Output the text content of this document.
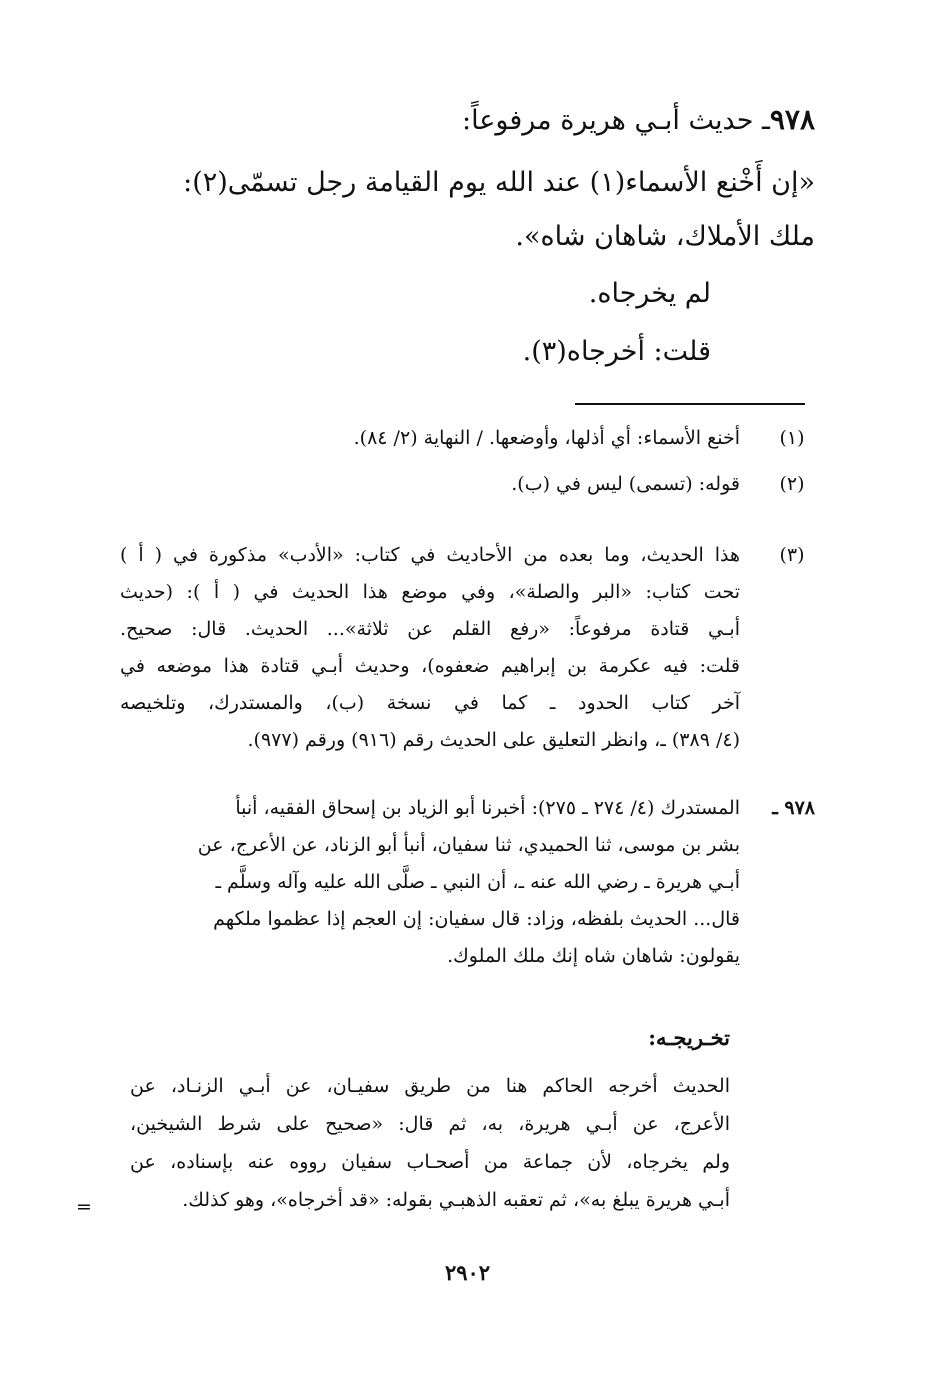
٩٧٨ـ حديث أبـي هريرة مرفوعاً:
«إن أَخْنع الأسماء(١) عند الله يوم القيامة رجل تسمّى(٢):
ملك الأملاك، شاهان شاه».
لم يخرجاه.
قلت: أخرجاه(٣).
(١)
أخنع الأسماء: أي أذلها، وأوضعها. / النهاية (٢/ ٨٤).
(٢)
قوله: (تسمى) ليس في (ب).
(٣)
هذا الحديث، وما بعده من الأحاديث في كتاب: «الأدب» مذكورة في ( أ )
تحت كتاب: «البر والصلة»، وفي موضع هذا الحديث في ( أ ): (حديث
أبـي قتادة مرفوعاً: «رفع القلم عن ثلاثة»... الحديث. قال: صحيح.
قلت: فيه عكرمة بن إبراهيم ضعفوه)، وحديث أبـي قتادة هذا موضعه في
آخر كتاب الحدود ـ كما في نسخة (ب)، والمستدرك، وتلخيصه
(٤/ ٣٨٩) ـ، وانظر التعليق على الحديث رقم (٩١٦) ورقم (٩٧٧).
٩٧٨ ـ
المستدرك (٤/ ٢٧٤ ـ ٢٧٥): أخبرنا أبو الزياد بن إسحاق الفقيه، أنبأ
بشر بن موسى، ثنا الحميدي، ثنا سفيان، أنبأ أبو الزناد، عن الأعرج، عن
أبـي هريرة ـ رضي الله عنه ـ، أن النبي ـ صلَّى الله عليه وآله وسلَّم ـ
قال... الحديث بلفظه، وزاد: قال سفيان: إن العجم إذا عظموا ملكهم
يقولون: شاهان شاه إنك ملك الملوك.
تخـريجـه:
الحديث أخرجه الحاكم هنا من طريق سفيـان، عن أبـي الزنـاد، عن
الأعرج، عن أبـي هريرة، به، ثم قال: «صحيح على شرط الشيخين،
ولم يخرجاه، لأن جماعة من أصحـاب سفيان رووه عنه بإسناده، عن
أبـي هريرة يبلغ به»، ثم تعقبه الذهبـي بقوله: «قد أخرجاه»، وهو كذلك.
=
٢٩٠٢
